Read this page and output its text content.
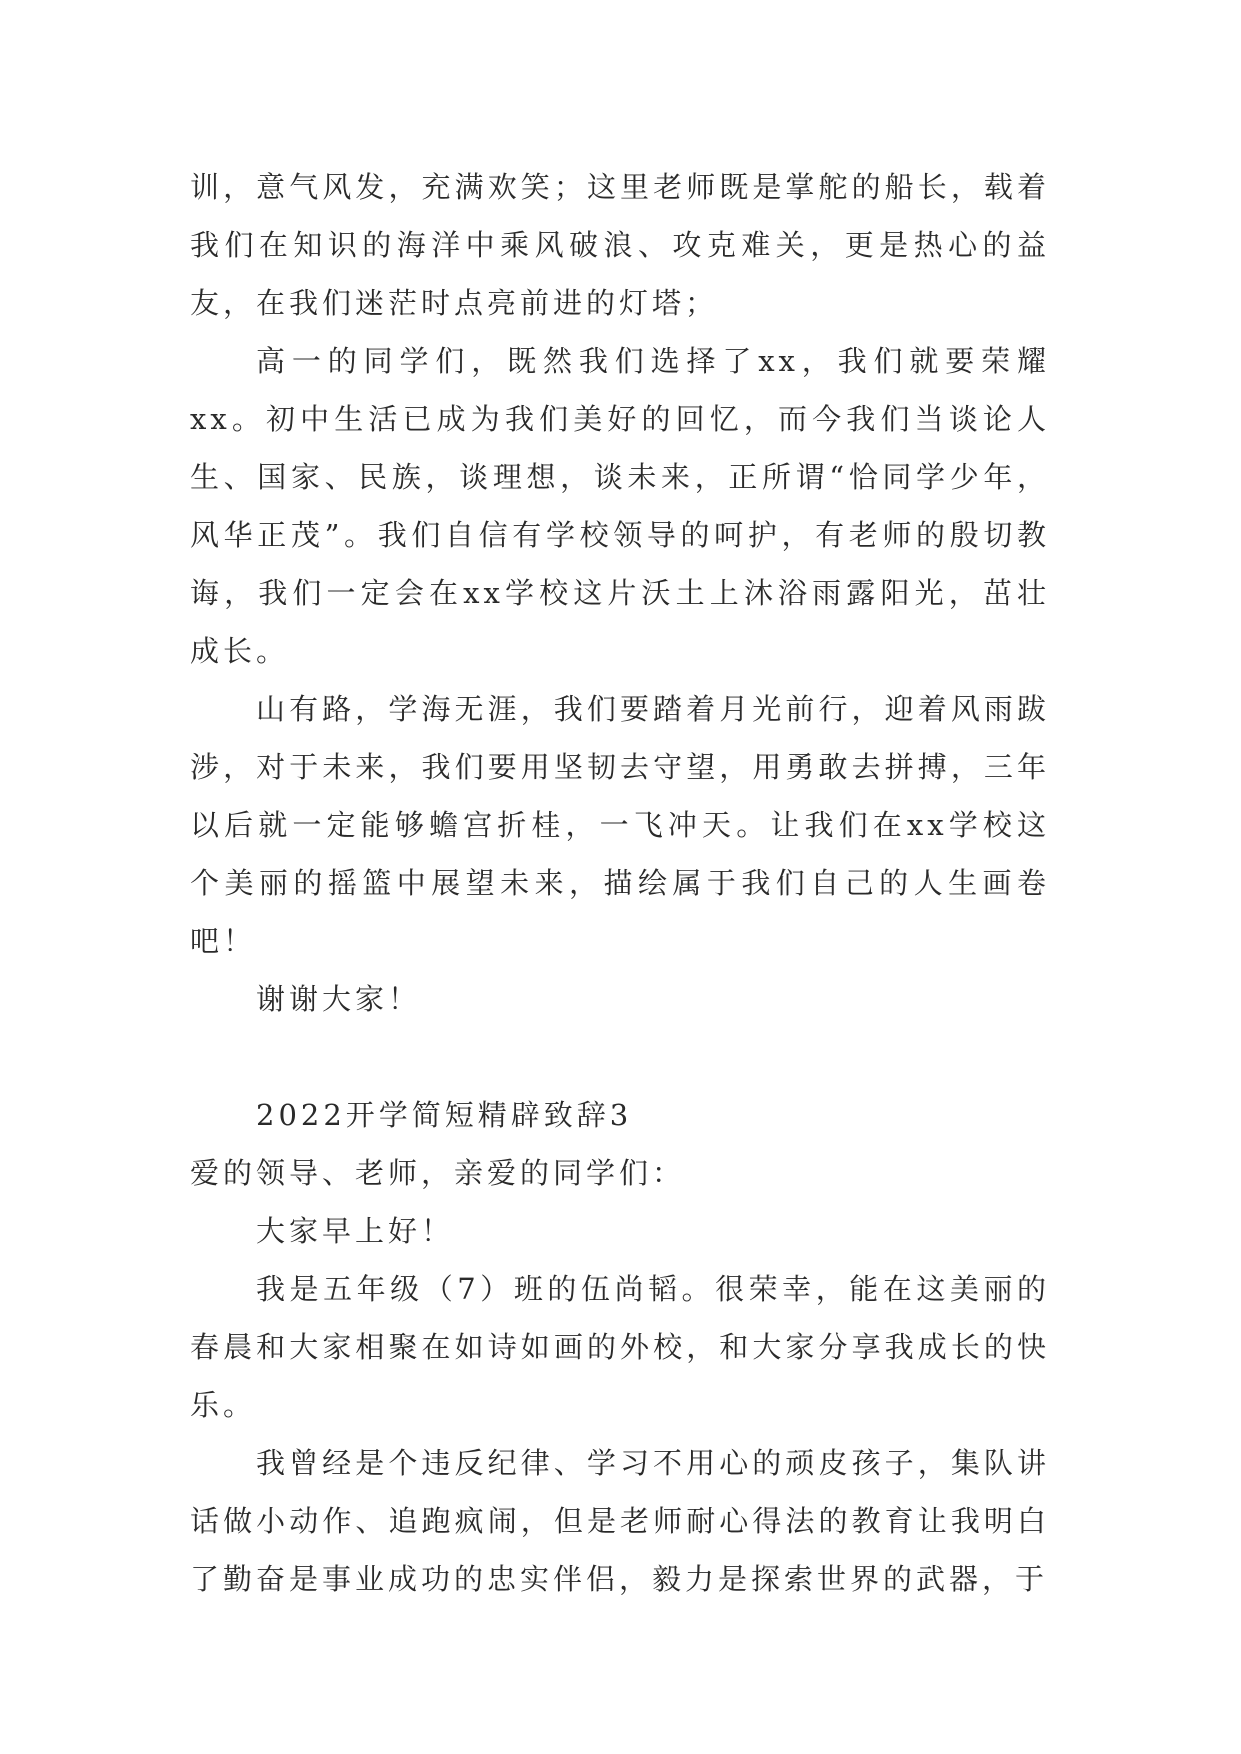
训，意气风发，充满欢笑；这里老师既是掌舵的船长，载着我们在知识的海洋中乘风破浪、攻克难关，更是热心的益友，在我们迷茫时点亮前进的灯塔；

高一的同学们，既然我们选择了xx，我们就要荣耀xx。初中生活已成为我们美好的回忆，而今我们当谈论人生、国家、民族，谈理想，谈未来，正所谓“恰同学少年，风华正茂”。我们自信有学校领导的呵护，有老师的殷切教诲，我们一定会在xx学校这片沃土上沐浴雨露阳光，茁壮成长。

山有路，学海无涯，我们要踏着月光前行，迎着风雨跋涉，对于未来，我们要用坚韧去守望，用勇敢去拼搏，三年以后就一定能够蟾宫折桂，一飞冲天。让我们在xx学校这个美丽的摇篮中展望未来，描绘属于我们自己的人生画卷吧！

谢谢大家！

2022开学简短精辟致辞3

爱的领导、老师，亲爱的同学们：

大家早上好！

我是五年级（7）班的伍尚韬。很荣幸，能在这美丽的春晨和大家相聚在如诗如画的外校，和大家分享我成长的快乐。

我曾经是个违反纪律、学习不用心的顽皮孩子，集队讲话做小动作、追跑疯闹，但是老师耐心得法的教育让我明白了勤奋是事业成功的忠实伴侣，毅力是探索世界的武器，于
